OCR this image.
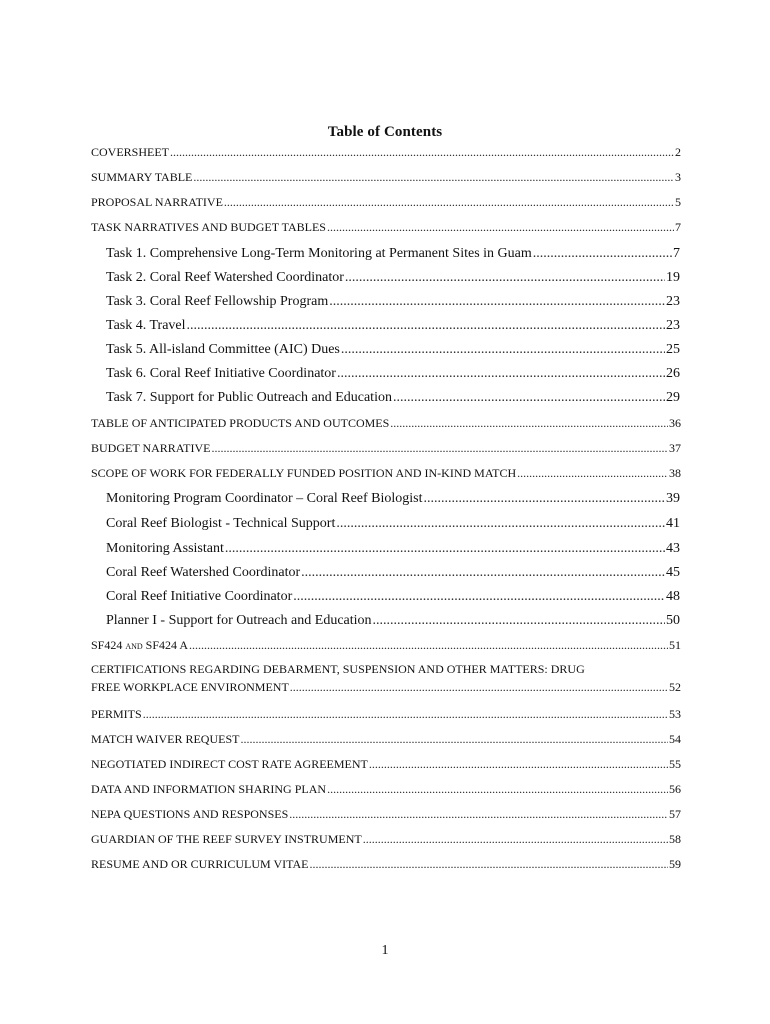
Table of Contents
COVERSHEET .....	2
SUMMARY TABLE .....	3
PROPOSAL NARRATIVE .....	5
TASK NARRATIVES AND BUDGET TABLES .....	7
Task 1. Comprehensive Long-Term Monitoring at Permanent Sites in Guam .....	7
Task 2. Coral Reef Watershed Coordinator .....	19
Task 3. Coral Reef Fellowship Program .....	23
Task 4. Travel .....	23
Task 5. All-island Committee (AIC) Dues .....	25
Task 6. Coral Reef Initiative Coordinator .....	26
Task 7. Support for Public Outreach and Education .....	29
TABLE OF ANTICIPATED PRODUCTS AND OUTCOMES .....	36
BUDGET NARRATIVE .....	37
SCOPE OF WORK FOR FEDERALLY FUNDED POSITION AND IN-KIND MATCH .....	38
Monitoring Program Coordinator – Coral Reef Biologist .....	39
Coral Reef Biologist - Technical Support .....	41
Monitoring Assistant .....	43
Coral Reef Watershed Coordinator .....	45
Coral Reef Initiative Coordinator .....	48
Planner I - Support for Outreach and Education .....	50
SF424 and SF424 A .....	51
CERTIFICATIONS REGARDING DEBARMENT, SUSPENSION AND OTHER MATTERS: DRUG
FREE WORKPLACE ENVIRONMENT .....	52
PERMITS .....	53
MATCH WAIVER REQUEST .....	54
NEGOTIATED INDIRECT COST RATE AGREEMENT .....	55
DATA AND INFORMATION SHARING PLAN .....	56
NEPA QUESTIONS AND RESPONSES .....	57
GUARDIAN OF THE REEF SURVEY INSTRUMENT .....	58
RESUME AND OR CURRICULUM VITAE .....	59
1
